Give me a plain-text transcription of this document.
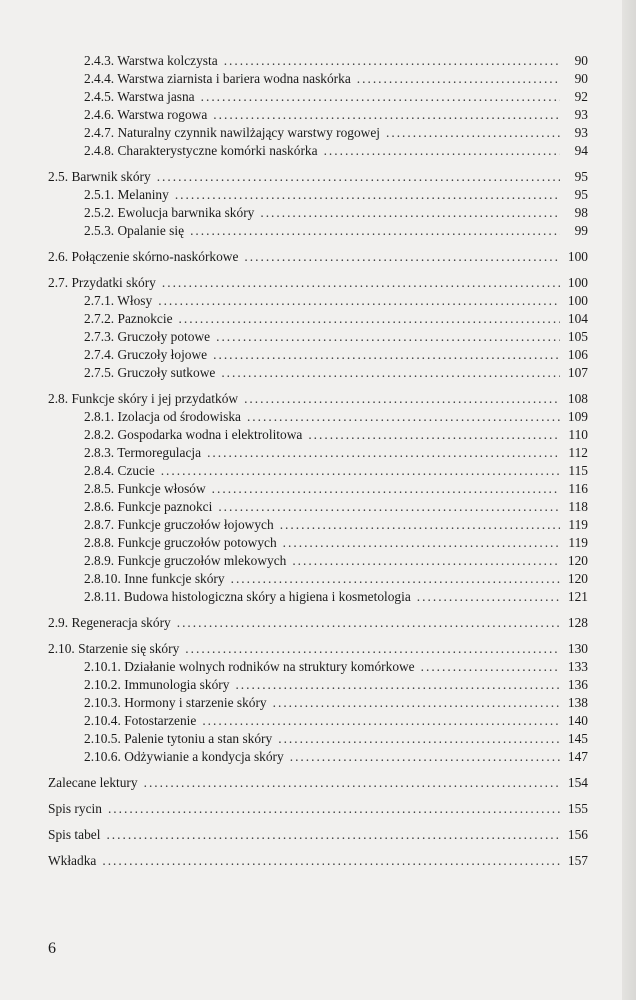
2.4.3. Warstwa kolczysta .....	90
2.4.4. Warstwa ziarnista i bariera wodna naskórka .....	90
2.4.5. Warstwa jasna .....	92
2.4.6. Warstwa rogowa .....	93
2.4.7. Naturalny czynnik nawilżający warstwy rogowej .....	93
2.4.8. Charakterystyczne komórki naskórka .....	94
2.5. Barwnik skóry .....	95
2.5.1. Melaniny .....	95
2.5.2. Ewolucja barwnika skóry .....	98
2.5.3. Opalanie się .....	99
2.6. Połączenie skórno-naskórkowe .....	100
2.7. Przydatki skóry .....	100
2.7.1. Włosy .....	100
2.7.2. Paznokcie .....	104
2.7.3. Gruczoły potowe .....	105
2.7.4. Gruczoły łojowe .....	106
2.7.5. Gruczoły sutkowe .....	107
2.8. Funkcje skóry i jej przydatków .....	108
2.8.1. Izolacja od środowiska .....	109
2.8.2. Gospodarka wodna i elektrolitowa .....	110
2.8.3. Termoregulacja .....	112
2.8.4. Czucie .....	115
2.8.5. Funkcje włosów .....	116
2.8.6. Funkcje paznokci .....	118
2.8.7. Funkcje gruczołów łojowych .....	119
2.8.8. Funkcje gruczołów potowych .....	119
2.8.9. Funkcje gruczołów mlekowych .....	120
2.8.10. Inne funkcje skóry .....	120
2.8.11. Budowa histologiczna skóry a higiena i kosmetologia .....	121
2.9. Regeneracja skóry .....	128
2.10. Starzenie się skóry .....	130
2.10.1. Działanie wolnych rodników na struktury komórkowe .....	133
2.10.2. Immunologia skóry .....	136
2.10.3. Hormony i starzenie skóry .....	138
2.10.4. Fotostarzenie .....	140
2.10.5. Palenie tytoniu a stan skóry .....	145
2.10.6. Odżywianie a kondycja skóry .....	147
Zalecane lektury .....	154
Spis rycin .....	155
Spis tabel .....	156
Wkładka .....	157
6
